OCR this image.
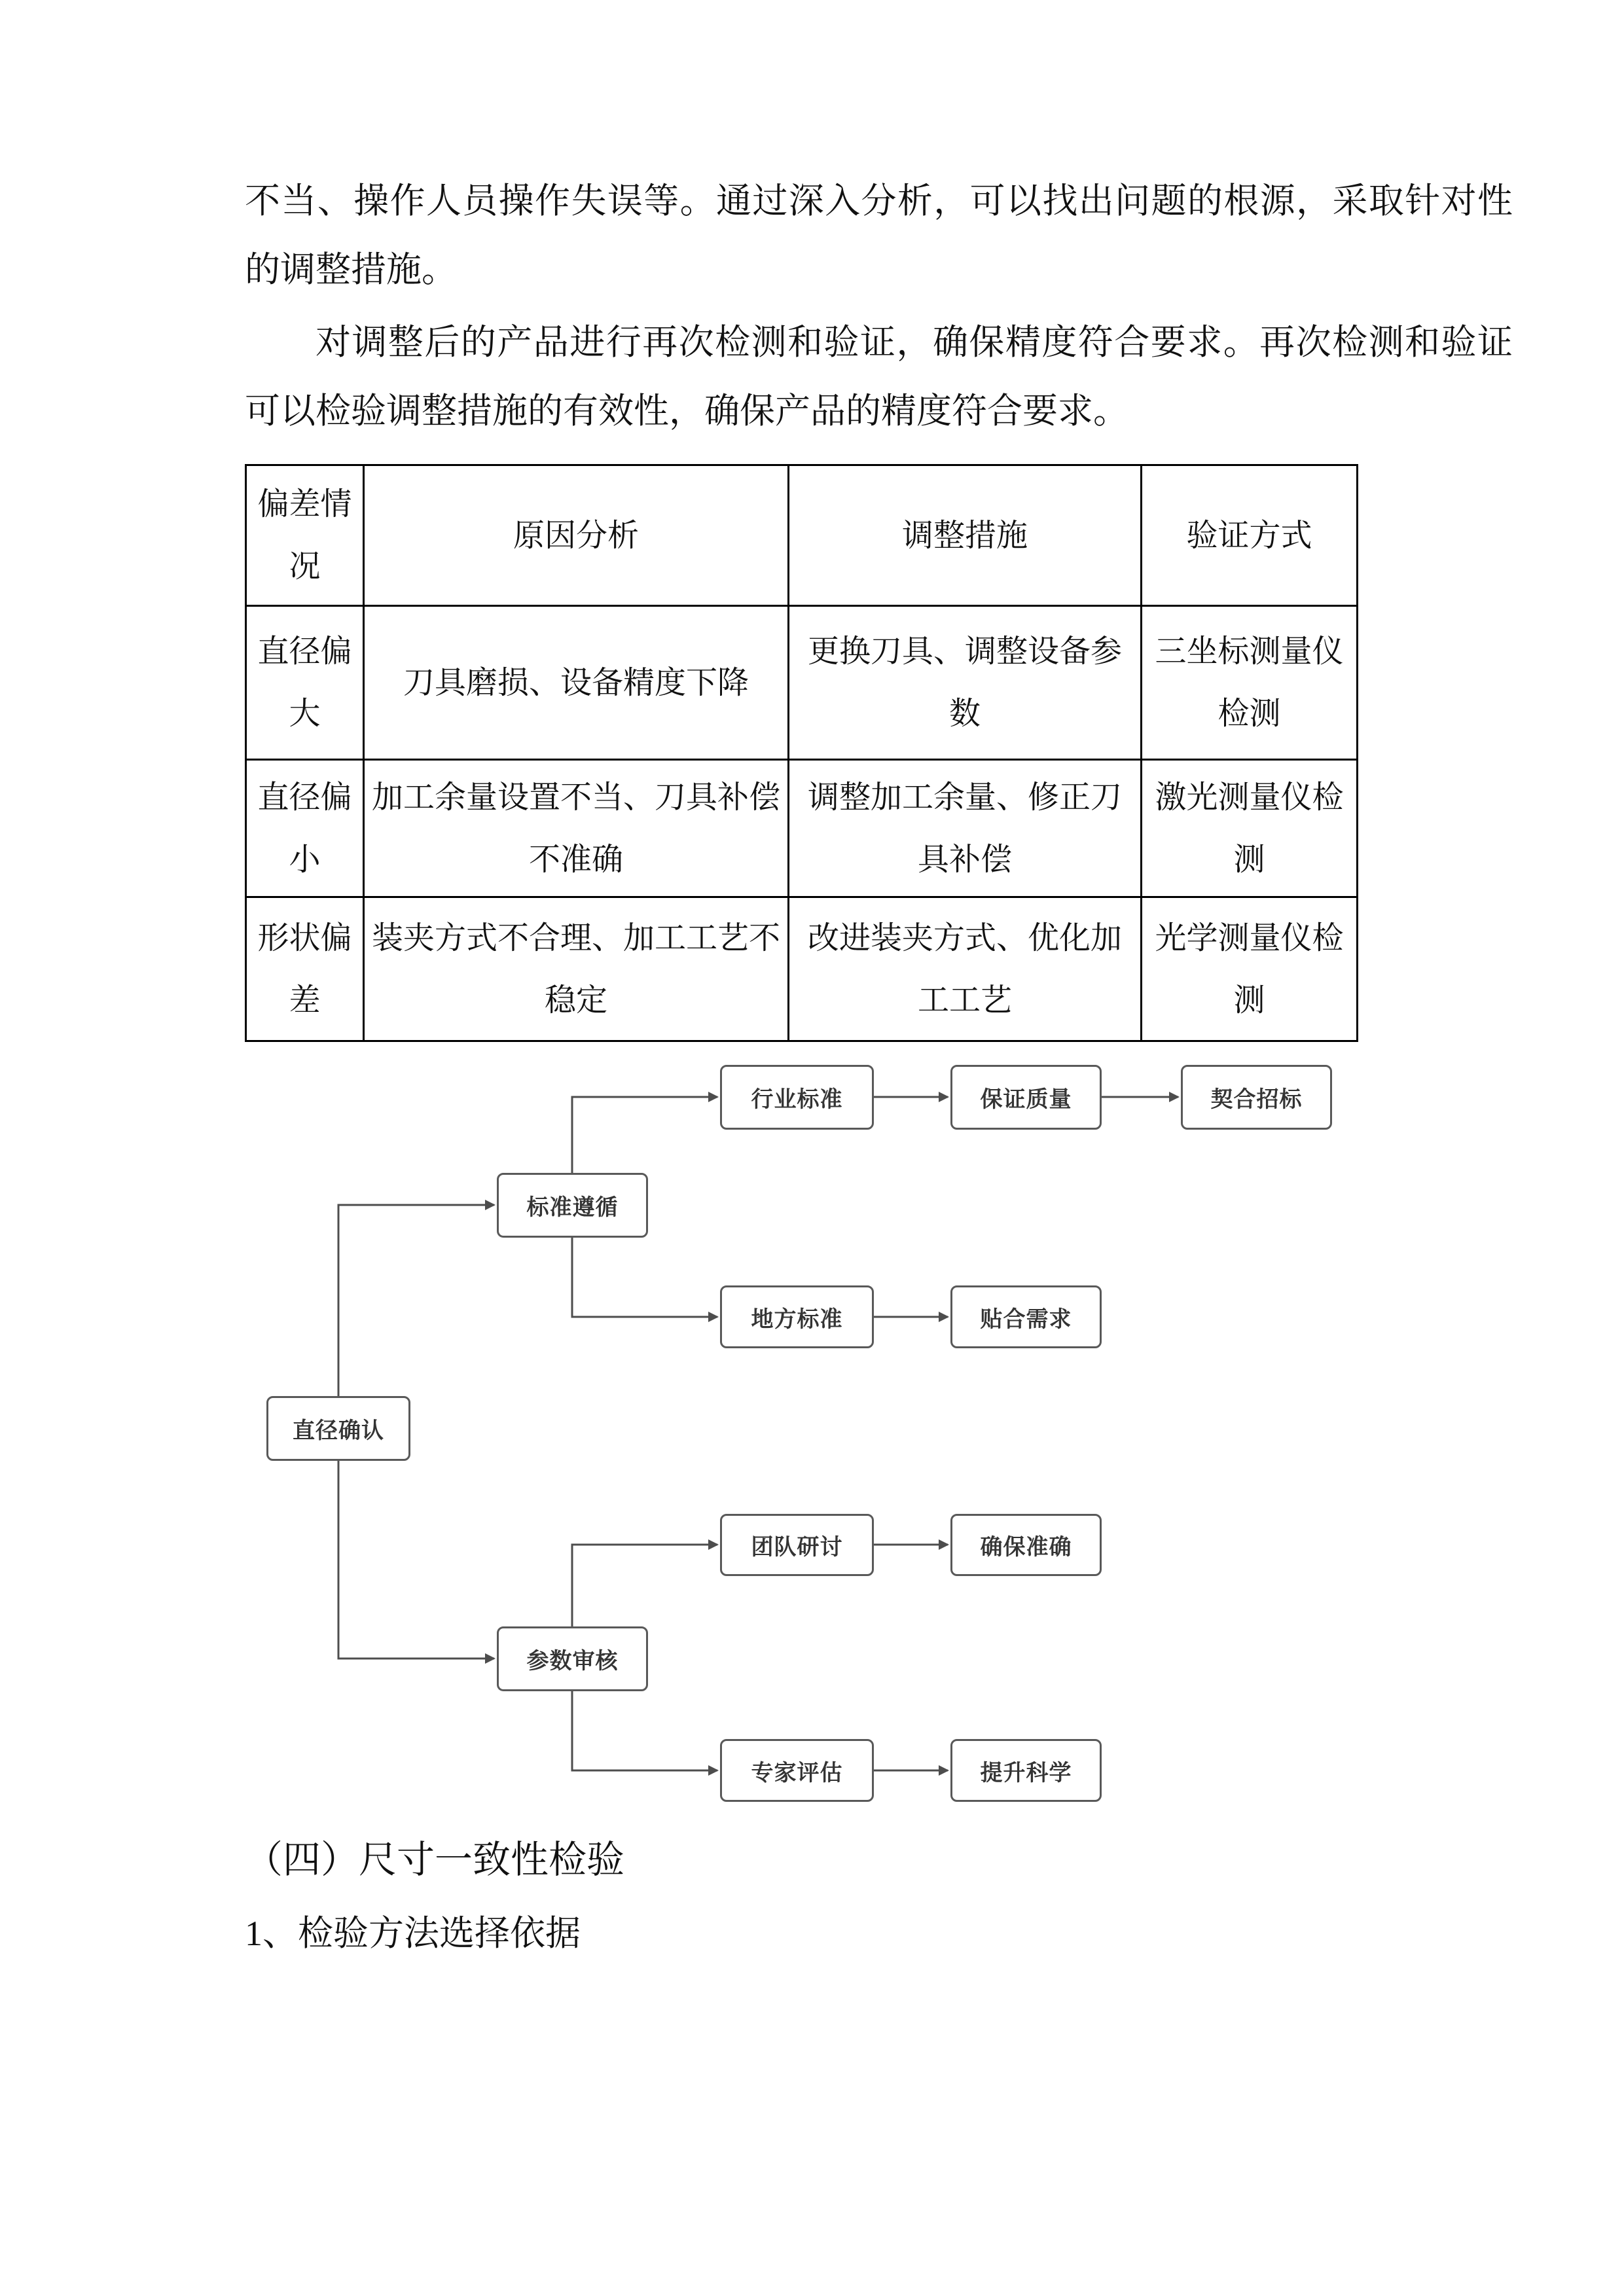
不当、操作人员操作失误等。通过深入分析，可以找出问题的根源，采取针对性的调整措施。

对调整后的产品进行再次检测和验证，确保精度符合要求。再次检测和验证可以检验调整措施的有效性，确保产品的精度符合要求。

偏差情况	原因分析	调整措施	验证方式
直径偏大	刀具磨损、设备精度下降	更换刀具、调整设备参数	三坐标测量仪检测
直径偏小	加工余量设置不当、刀具补偿不准确	调整加工余量、修正刀具补偿	激光测量仪检测
形状偏差	装夹方式不合理、加工工艺不稳定	改进装夹方式、优化加工工艺	光学测量仪检测
直径确认
标准遵循
参数审核
行业标准
地方标准
团队研讨
专家评估
保证质量
贴合需求
确保准确
提升科学
契合招标
（四）尺寸一致性检验
1、检验方法选择依据
